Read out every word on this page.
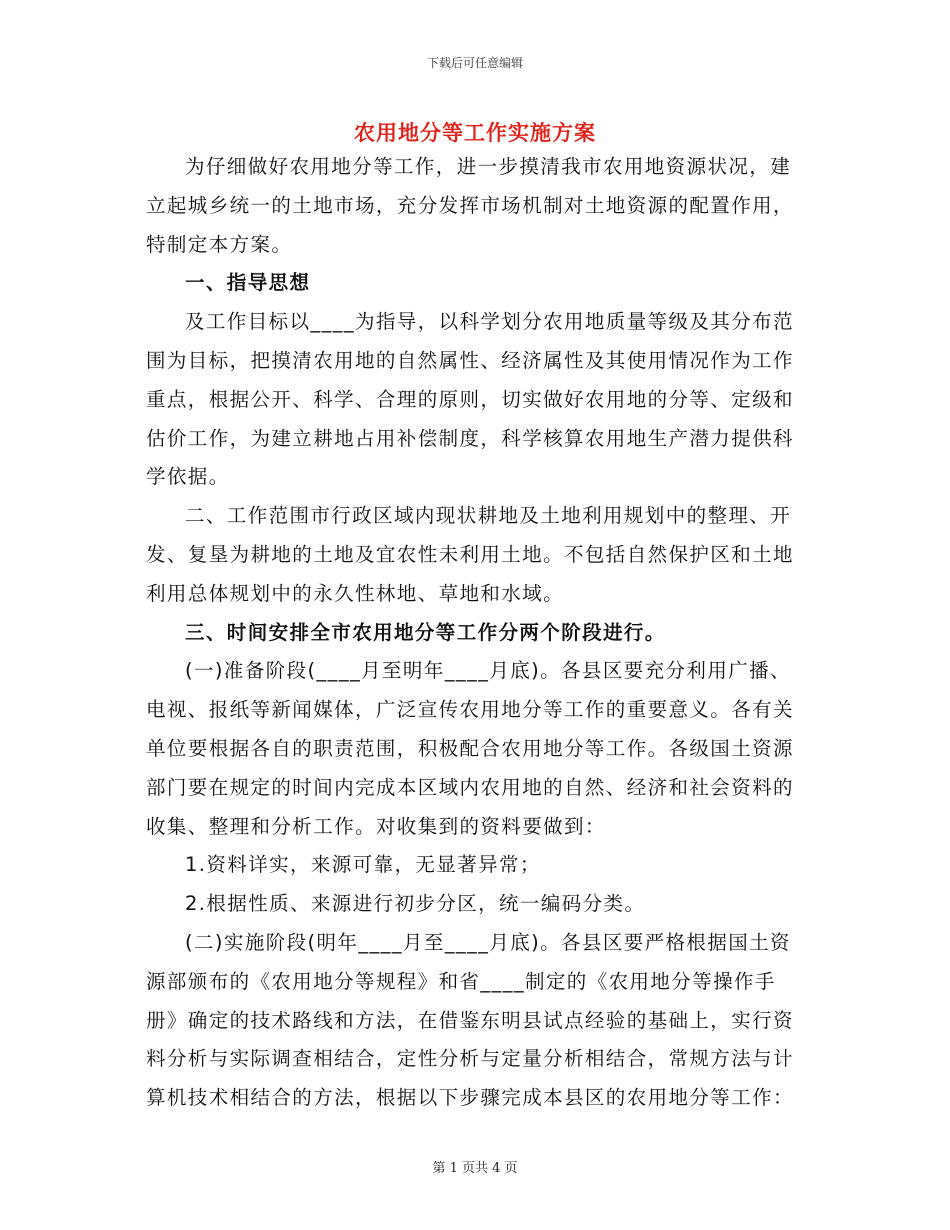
下载后可任意编辑
农用地分等工作实施方案

为仔细做好农用地分等工作，进一步摸清我市农用地资源状况，建立起城乡统一的土地市场，充分发挥市场机制对土地资源的配置作用，特制定本方案。

一、指导思想

及工作目标以____为指导，以科学划分农用地质量等级及其分布范围为目标，把摸清农用地的自然属性、经济属性及其使用情况作为工作重点，根据公开、科学、合理的原则，切实做好农用地的分等、定级和估价工作，为建立耕地占用补偿制度，科学核算农用地生产潜力提供科学依据。

二、工作范围市行政区域内现状耕地及土地利用规划中的整理、开发、复垦为耕地的土地及宜农性未利用土地。不包括自然保护区和土地利用总体规划中的永久性林地、草地和水域。

三、时间安排全市农用地分等工作分两个阶段进行。

(一)准备阶段(____月至明年____月底)。各县区要充分利用广播、电视、报纸等新闻媒体，广泛宣传农用地分等工作的重要意义。各有关单位要根据各自的职责范围，积极配合农用地分等工作。各级国土资源部门要在规定的时间内完成本区域内农用地的自然、经济和社会资料的收集、整理和分析工作。对收集到的资料要做到：

1.资料详实，来源可靠，无显著异常；

2.根据性质、来源进行初步分区，统一编码分类。

(二)实施阶段(明年____月至____月底)。各县区要严格根据国土资源部颁布的《农用地分等规程》和省____制定的《农用地分等操作手册》确定的技术路线和方法，在借鉴东明县试点经验的基础上，实行资料分析与实际调查相结合，定性分析与定量分析相结合，常规方法与计算机技术相结合的方法，根据以下步骤完成本县区的农用地分等工作：

第 1 页共 4 页
